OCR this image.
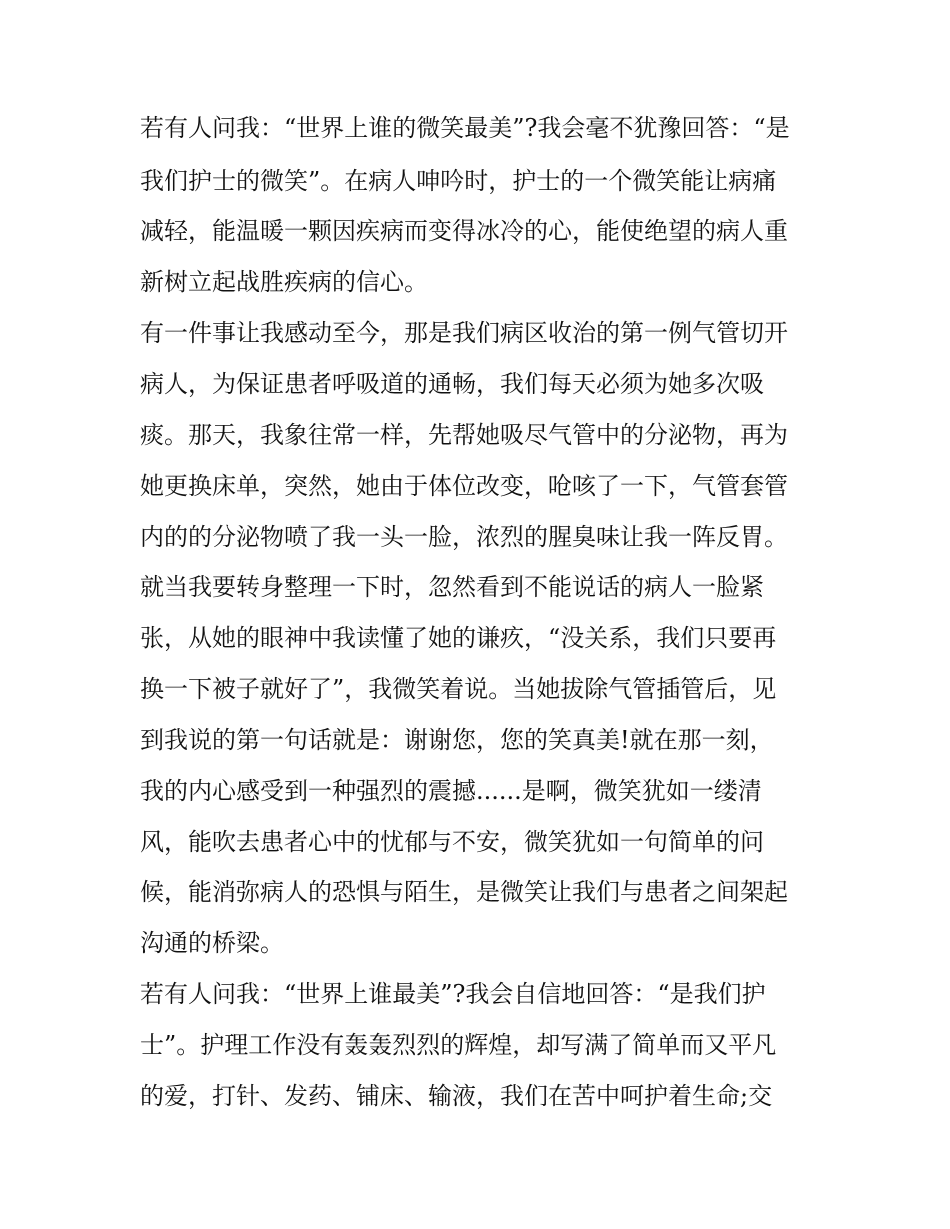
若有人问我：“世界上谁的微笑最美”?我会毫不犹豫回答：“是
我们护士的微笑”。在病人呻吟时，护士的一个微笑能让病痛
减轻，能温暖一颗因疾病而变得冰冷的心，能使绝望的病人重
新树立起战胜疾病的信心。
有一件事让我感动至今，那是我们病区收治的第一例气管切开
病人，为保证患者呼吸道的通畅，我们每天必须为她多次吸
痰。那天，我象往常一样，先帮她吸尽气管中的分泌物，再为
她更换床单，突然，她由于体位改变，呛咳了一下，气管套管
内的的分泌物喷了我一头一脸，浓烈的腥臭味让我一阵反胃。
就当我要转身整理一下时，忽然看到不能说话的病人一脸紧
张，从她的眼神中我读懂了她的谦疚，“没关系，我们只要再
换一下被子就好了”，我微笑着说。当她拔除气管插管后，见
到我说的第一句话就是：谢谢您，您的笑真美!就在那一刻，
我的内心感受到一种强烈的震撼......是啊，微笑犹如一缕清
风，能吹去患者心中的忧郁与不安，微笑犹如一句简单的问
候，能消弥病人的恐惧与陌生，是微笑让我们与患者之间架起
沟通的桥梁。
若有人问我：“世界上谁最美”?我会自信地回答：“是我们护
士”。护理工作没有轰轰烈烈的辉煌，却写满了简单而又平凡
的爱，打针、发药、铺床、输液，我们在苦中呵护着生命;交
